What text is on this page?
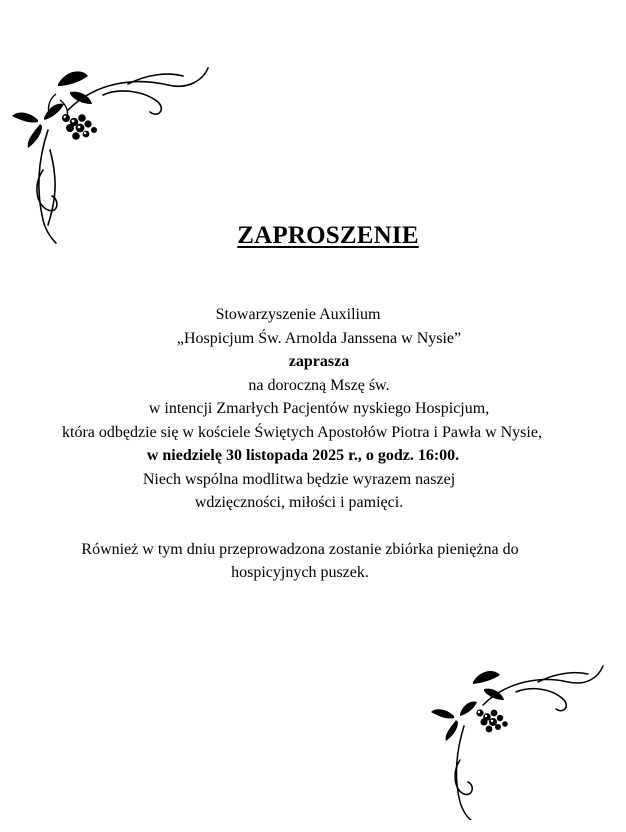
ZAPROSZENIE
Stowarzyszenie Auxilium
„Hospicjum Św. Arnolda Janssena w Nysie”
zaprasza
na doroczną Mszę św.
w intencji Zmarłych Pacjentów nyskiego Hospicjum,
która odbędzie się w kościele Świętych Apostołów Piotra i Pawła w Nysie,
w niedzielę 30 listopada 2025 r., o godz. 16:00.
Niech wspólna modlitwa będzie wyrazem naszej
wdzięczności, miłości i pamięci.
Również w tym dniu przeprowadzona zostanie zbiórka pieniężna do
hospicyjnych puszek.
